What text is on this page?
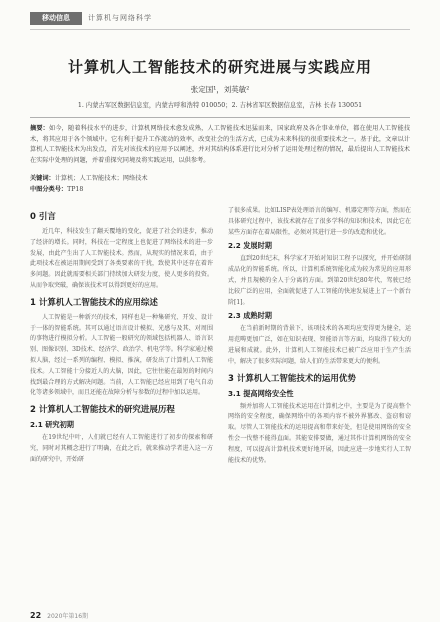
移动信息	计算机与网络科学
计算机人工智能技术的研究进展与实践应用
张定国¹，刘英敏²
1. 内蒙古军区数据信息室，内蒙古呼和浩特 010050；2. 吉林省军区数据信息室，吉林 长春 130051
摘要：如今，随着科技水平的进步，计算机网络技术愈发成熟，人工智能技术迅猛而来，国家政府及各企事业单位，都在使用人工智能技术，将其应用于各个领域中。它有利于提升工作流动的效率，改变社会的生活方式，已成为未来科技的很重要技术之一。基于此，文章以计算机人工智能技术为出发点，首先对该技术的应用予以阐述，并对其结构体系进行比对分析了运用处理过程的情况，最后提出人工智能技术在实际中处理的问题，并着重探究同境及将实践运用，以供参考。
关键词：计算机；人工智能技术；网络技术
中图分类号：TP18
0 引言

近几年，科技发生了翻天覆地的变化，促进了社会的进步，推动了经济的增长。同时，科技在一定程度上也促进了网络技术的进一步发展，由此产生出了人工智能技术。然而，从现实的情况来看，由于此项技术在被运用期间受到了各类要素的干扰，致使其中还存在着许多问题。因此就需要相关部门持续加大研发力度，使人更多的投资。从而争取突破，确保该技术可以得到更好的应用。

1 计算机人工智能技术的应用综述

人工智能是一种新兴的技术，同样也是一种集研究、开发、设计于一体的智能系统。其可以通过语言设计模拟、光感与及其、对周围的事物进行模拟分析。人工智能一般研究的领域包括机器人、语言识别、图像识别、3D技术、经济学、政治学、机电学等。科学家通过模拟人脑，经过一系列的编程、模拟、推演，研发出了计算机人工智能技术。人工智能十分接近人的大脑，因此，它往往能在最短的时间内找到最合理的方式解决问题。当前，人工智能已经应用到了电气自动化等诸多领域中，而且还能在故障分析与参数的过程中加以运用。

2 计算机人工智能技术的研究进展历程
2.1 研究初期

在19世纪中叶，人们就已经有人工智能进行了初步的探索和研究，同时对其概念进行了明确，在此之后，就来推动学者进入这一方面的研究中，开始研

了很多成果。比如LISP表处理语言的编写、机器定理等方面，然而在具体研究过程中，该技术就存在了很多学科的知识和技术，因此它在某些方面存在着局限性，必须对其进行进一步的改造和优化。

2.2 发展时期

直到20世纪末，科学家才开始对知识工程予以探究，并开始研制成品化的智能系统。所以，计算机系统智能化成为较为常见的应用形式，并且規模的全人于分离的方面。到第20世纪80年代，驾驶已经比较广泛的应用，全面就促进了人工智能的快速发展进上了一个新台阶[1]。

2.3 成熟时期

在当前新时期的背景下，该项技术的各项均应变得更为健全，运用范畴更加广泛，如在知识表现、智能语言等方面，均取得了较大的进展和成就。此外，计算机人工智能技术已被广泛应用于生产生活中，解决了很多实际问题，给人们的生活带来更大的便利。

3 计算机人工智能技术的运用优势
3.1 提高网络安全性

频并加将人工智能技术运用在计算机之中，主要是为了提高整个网络的安全程度，确保网络中的各项内容不被外界篡改、盗窃和窃取。尽管人工智能技术的运用提高和带来好处，但是使用网络的安全性会一伐整不能得直面。其能安排要做，通过其作计算机网络的安全程度，可以提高计算机技术更好地开展，因此应进一步地实行人工智能技术的优势。

22 2020年第16期
